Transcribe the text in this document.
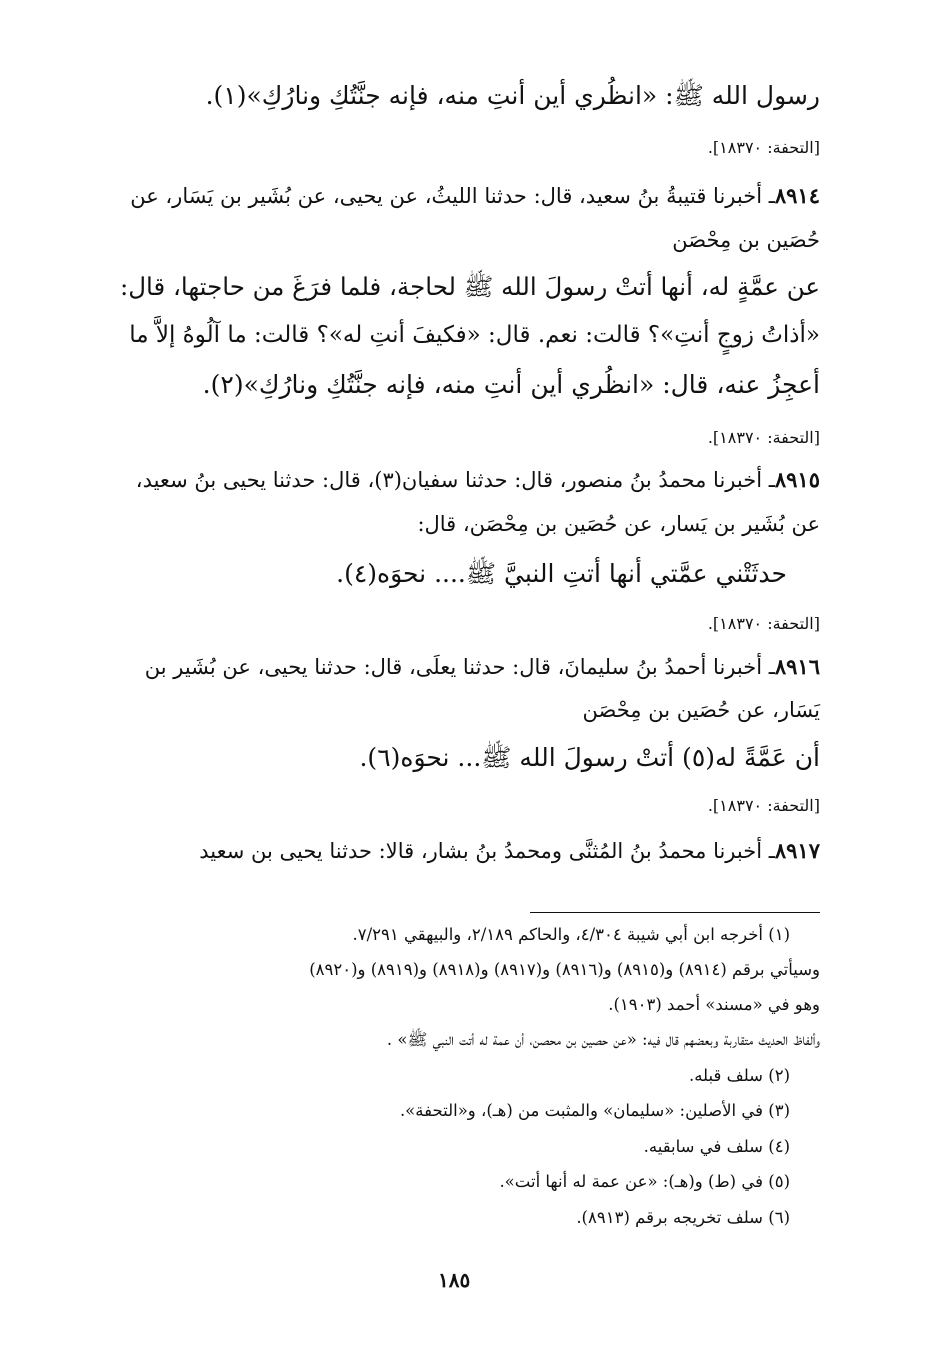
رسول الله ﷺ: «انظُري أين أنتِ منه، فإنه جنَّتُكِ ونارُكِ»(١).
[التحفة: ١٨٣٧٠].
٨٩١٤ـ أخبرنا قتيبةُ بنُ سعيد، قال: حدثنا الليثُ، عن يحيى، عن بُشَير بن يَسَار، عن
حُصَين بن مِحْصَن
عن عمَّةٍ له، أنها أتتْ رسولَ الله ﷺ لحاجة، فلما فرَغَ من حاجتها، قال:
«أذاتُ زوجٍ أنتِ»؟ قالت: نعم. قال: «فكيفَ أنتِ له»؟ قالت: ما آلُوهُ إلاَّ ما
أعجِزُ عنه، قال: «انظُري أين أنتِ منه، فإنه جنَّتُكِ ونارُكِ»(٢).
[التحفة: ١٨٣٧٠].
٨٩١٥ـ أخبرنا محمدُ بنُ منصور، قال: حدثنا سفيان(٣)، قال: حدثنا يحيى بنُ سعيد،
عن بُشَير بن يَسار، عن حُصَين بن مِحْصَن، قال:
حدثَتْني عمَّتي أنها أتتِ النبيَّ ﷺ.... نحوَه(٤).
[التحفة: ١٨٣٧٠].
٨٩١٦ـ أخبرنا أحمدُ بنُ سليمانَ، قال: حدثنا يعلَى، قال: حدثنا يحيى، عن بُشَير بن
يَسَار، عن حُصَين بن مِحْصَن
أن عَمَّةً له(٥) أتتْ رسولَ الله ﷺ... نحوَه(٦).
[التحفة: ١٨٣٧٠].
٨٩١٧ـ أخبرنا محمدُ بنُ المُثنَّى ومحمدُ بنُ بشار، قالا: حدثنا يحيى بن سعيد
(١) أخرجه ابن أبي شيبة ٤/٣٠٤، والحاكم ٢/١٨٩، والبيهقي ٧/٢٩١.
وسيأتي برقم (٨٩١٤) و(٨٩١٥) و(٨٩١٦) و(٨٩١٧) و(٨٩١٨) و(٨٩١٩) و(٨٩٢٠)
وهو في «مسند» أحمد (١٩٠٣).
وألفاظ الحديث متقاربة وبعضهم قال فيه: «عن حصين بن محصن، أن عمة له أتت النبي ﷺ» .
(٢) سلف قبله.
(٣) في الأصلين: «سليمان» والمثبت من (هـ)، و«التحفة».
(٤) سلف في سابقيه.
(٥) في (ط) و(هـ): «عن عمة له أنها أتت».
(٦) سلف تخريجه برقم (٨٩١٣).
١٨٥
